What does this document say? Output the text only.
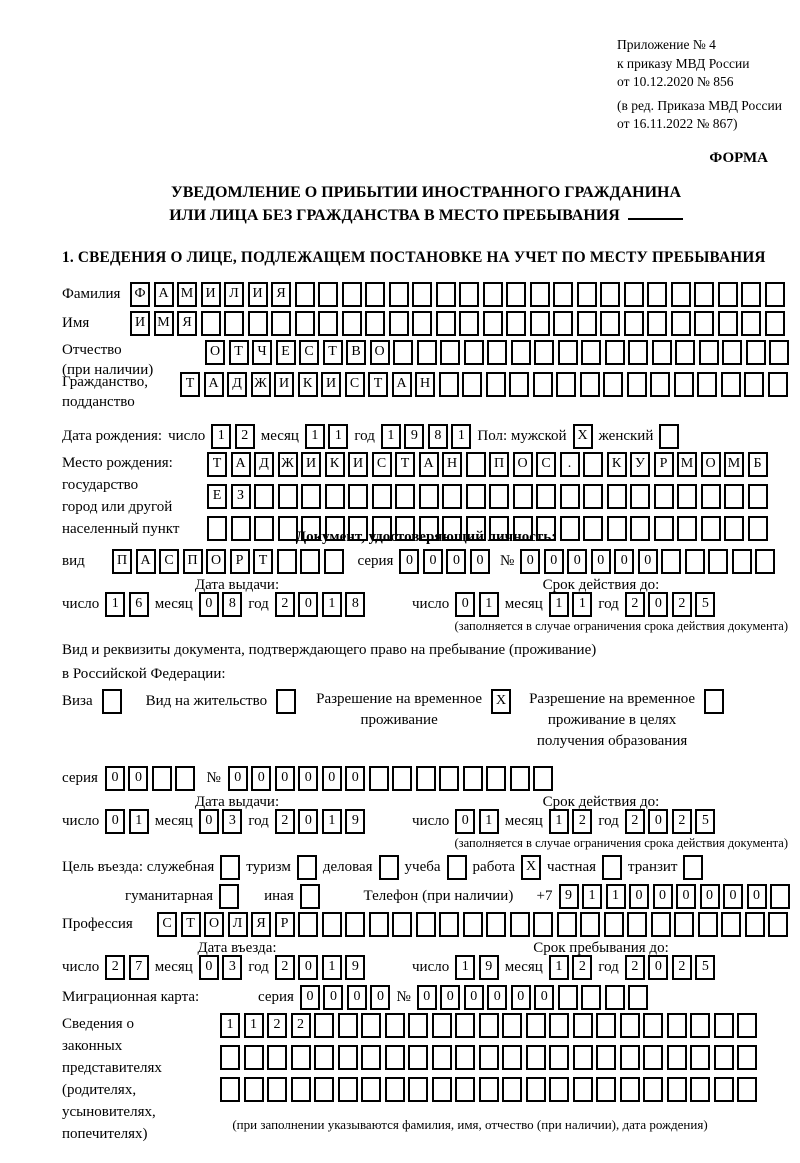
Приложение № 4
к приказу МВД России
от 10.12.2020 № 856
(в ред. Приказа МВД России
от 16.11.2022 № 867)
ФОРМА
УВЕДОМЛЕНИЕ О ПРИБЫТИИ ИНОСТРАННОГО ГРАЖДАНИНА
ИЛИ ЛИЦА БЕЗ ГРАЖДАНСТВА В МЕСТО ПРЕБЫВАНИЯ
1. СВЕДЕНИЯ О ЛИЦЕ, ПОДЛЕЖАЩЕМ ПОСТАНОВКЕ НА УЧЕТ ПО МЕСТУ ПРЕБЫВАНИЯ
Фамилия	Ф А М И Л И Я
Имя	И М Я
Отчество
(при наличии)
О	Т	Ч	Е	С	Т	В О
Гражданство,
подданство
Т	А Д Ж И К И С	Т	А Н
Дата рождения: число 1	2 месяц 1	1 год 1	9	8	1 Пол: мужской X женский
Место рождения:
государство
город или другой
населенный пункт
Т	А Д Ж И К И С	Т	А Н	П О С	.	К У	Р М О М Б
Е	З
Документ, удостоверяющий личность:
вид	П А С П О	Р	Т	серия 0	0	0	0	№ 0	0	0	0	0	0
Дата выдачи:	Срок действия до:
число 1	6 месяц 0	8 год 2	0	1	8	число 0	1 месяц 1	1 год 2	0	2	5
(заполняется в случае ограничения срока действия документа)
Вид и реквизиты документа, подтверждающего право на пребывание (проживание)
в Российской Федерации:
Виза	Вид на жительство	Разрешение на временное
проживание
X	Разрешение на временное
проживание в целях
получения образования
серия 0	0	№ 0	0	0	0	0	0
Дата выдачи:	Срок действия до:
число 0	1 месяц 0	3 год 2	0	1	9	число 0	1 месяц 1	2 год 2	0	2	5
(заполняется в случае ограничения срока действия документа)
Цель въезда: служебная туризм деловая учеба работа X частная транзит
гуманитарная	иная	Телефон (при наличии) +7 9	1	1	0	0	0	0	0	0
Профессия	С	Т	О Л	Я	Р
Дата въезда:	Срок пребывания до:
число 2	7 месяц 0	3 год 2	0	1	9	число 1	9 месяц 1	2 год 2	0	2	5
Миграционная карта:	серия 0	0	0	0 № 0	0	0	0	0	0
Сведения о
законных
представителях
(родителях,
усыновителях,
попечителях)
1	1	2	2
(при заполнении указываются фамилия, имя, отчество (при наличии), дата рождения)
